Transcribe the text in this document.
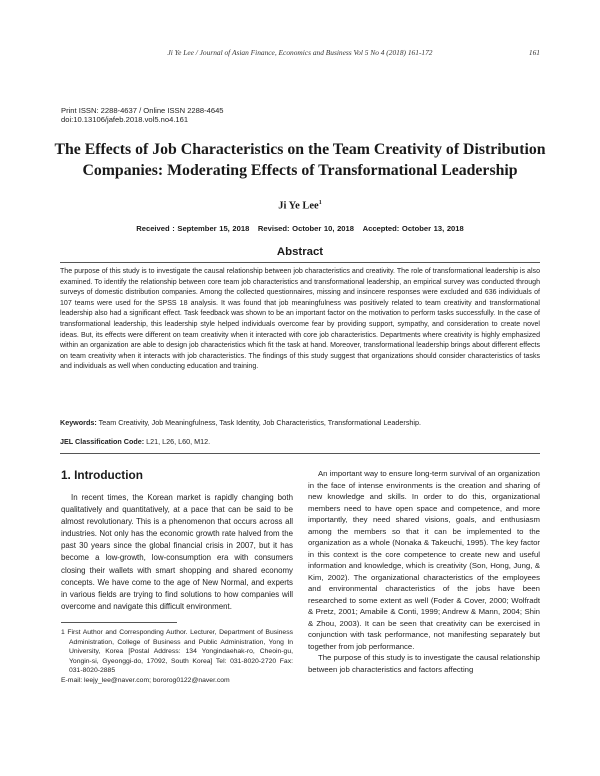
Ji Ye Lee / Journal of Asian Finance, Economics and Business Vol 5 No 4 (2018) 161-172	161
Print ISSN: 2288-4637 / Online ISSN 2288-4645
doi:10.13106/jafeb.2018.vol5.no4.161
The Effects of Job Characteristics on the Team Creativity of Distribution
Companies: Moderating Effects of Transformational Leadership
Ji Ye Lee$^1$
Received : September 15, 2018 Revised: October 10, 2018 Accepted: October 13, 2018
Abstract
The purpose of this study is to investigate the causal relationship between job characteristics and creativity. The role of transformational leadership is also examined. To identify the relationship between core team job characteristics and transformational leadership, an empirical survey was conducted through surveys of domestic distribution companies. Among the collected questionnaires, missing and insincere responses were excluded and 636 individuals of 107 teams were used for the SPSS 18 analysis. It was found that job meaningfulness was positively related to team creativity and transformational leadership also had a significant effect. Task feedback was shown to be an important factor on the motivation to perform tasks successfully. In the case of transformational leadership, this leadership style helped individuals overcome fear by providing support, sympathy, and consideration to create novel ideas. But, its effects were different on team creativity when it interacted with core job characteristics. Departments where creativity is highly emphasized within an organization are able to design job characteristics which fit the task at hand. Moreover, transformational leadership brings about different effects on team creativity when it interacts with job characteristics. The findings of this study suggest that organizations should consider characteristics of tasks and individuals as well when conducting education and training.
Keywords: Team Creativity, Job Meaningfulness, Task Identity, Job Characteristics, Transformational Leadership.
JEL Classification Code: L21, L26, L60, M12.
1. Introduction

In recent times, the Korean market is rapidly changing both qualitatively and quantitatively, at a pace that can be said to be almost revolutionary. This is a phenomenon that occurs across all industries. Not only has the economic growth rate halved from the past 30 years since the global financial crisis in 2007, but it has become a low-growth, low-consumption era with consumers closing their wallets with smart shopping and shared economy concepts. We have come to the age of New Normal, and experts in various fields are trying to find solutions to how companies will overcome and navigate this difficult environment.

1 First Author and Corresponding Author. Lecturer, Department of Business Administration, College of Business and Public Administration, Yong In University, Korea [Postal Address: 134 Yongindaehak-ro, Cheoin-gu, Yongin-si, Gyeonggi-do, 17092, South Korea] Tel: 031-8020-2720 Fax: 031-8020-2885
E-mail: leejy_lee@naver.com; bororog0122@naver.com

An important way to ensure long-term survival of an organization in the face of intense environments is the creation and sharing of new knowledge and skills. In order to do this, organizational members need to have open space and competence, and more importantly, they need shared visions, goals, and enthusiasm among the members so that it can be implemented to the organization as a whole (Nonaka & Takeuchi, 1995). The key factor in this context is the core competence to create new and useful information and knowledge, which is creativity (Son, Hong, Jung, & Kim, 2002). The organizational characteristics of the employees and environmental characteristics of the jobs have been researched to some extent as well (Foder & Cover, 2000; Wolfradt & Pretz, 2001; Amabile & Conti, 1999; Andrew & Mann, 2004; Shin & Zhou, 2003). It can be seen that creativity can be exercised in conjunction with task performance, not manifesting separately but together from job performance.

The purpose of this study is to investigate the causal relationship between job characteristics and factors affecting
